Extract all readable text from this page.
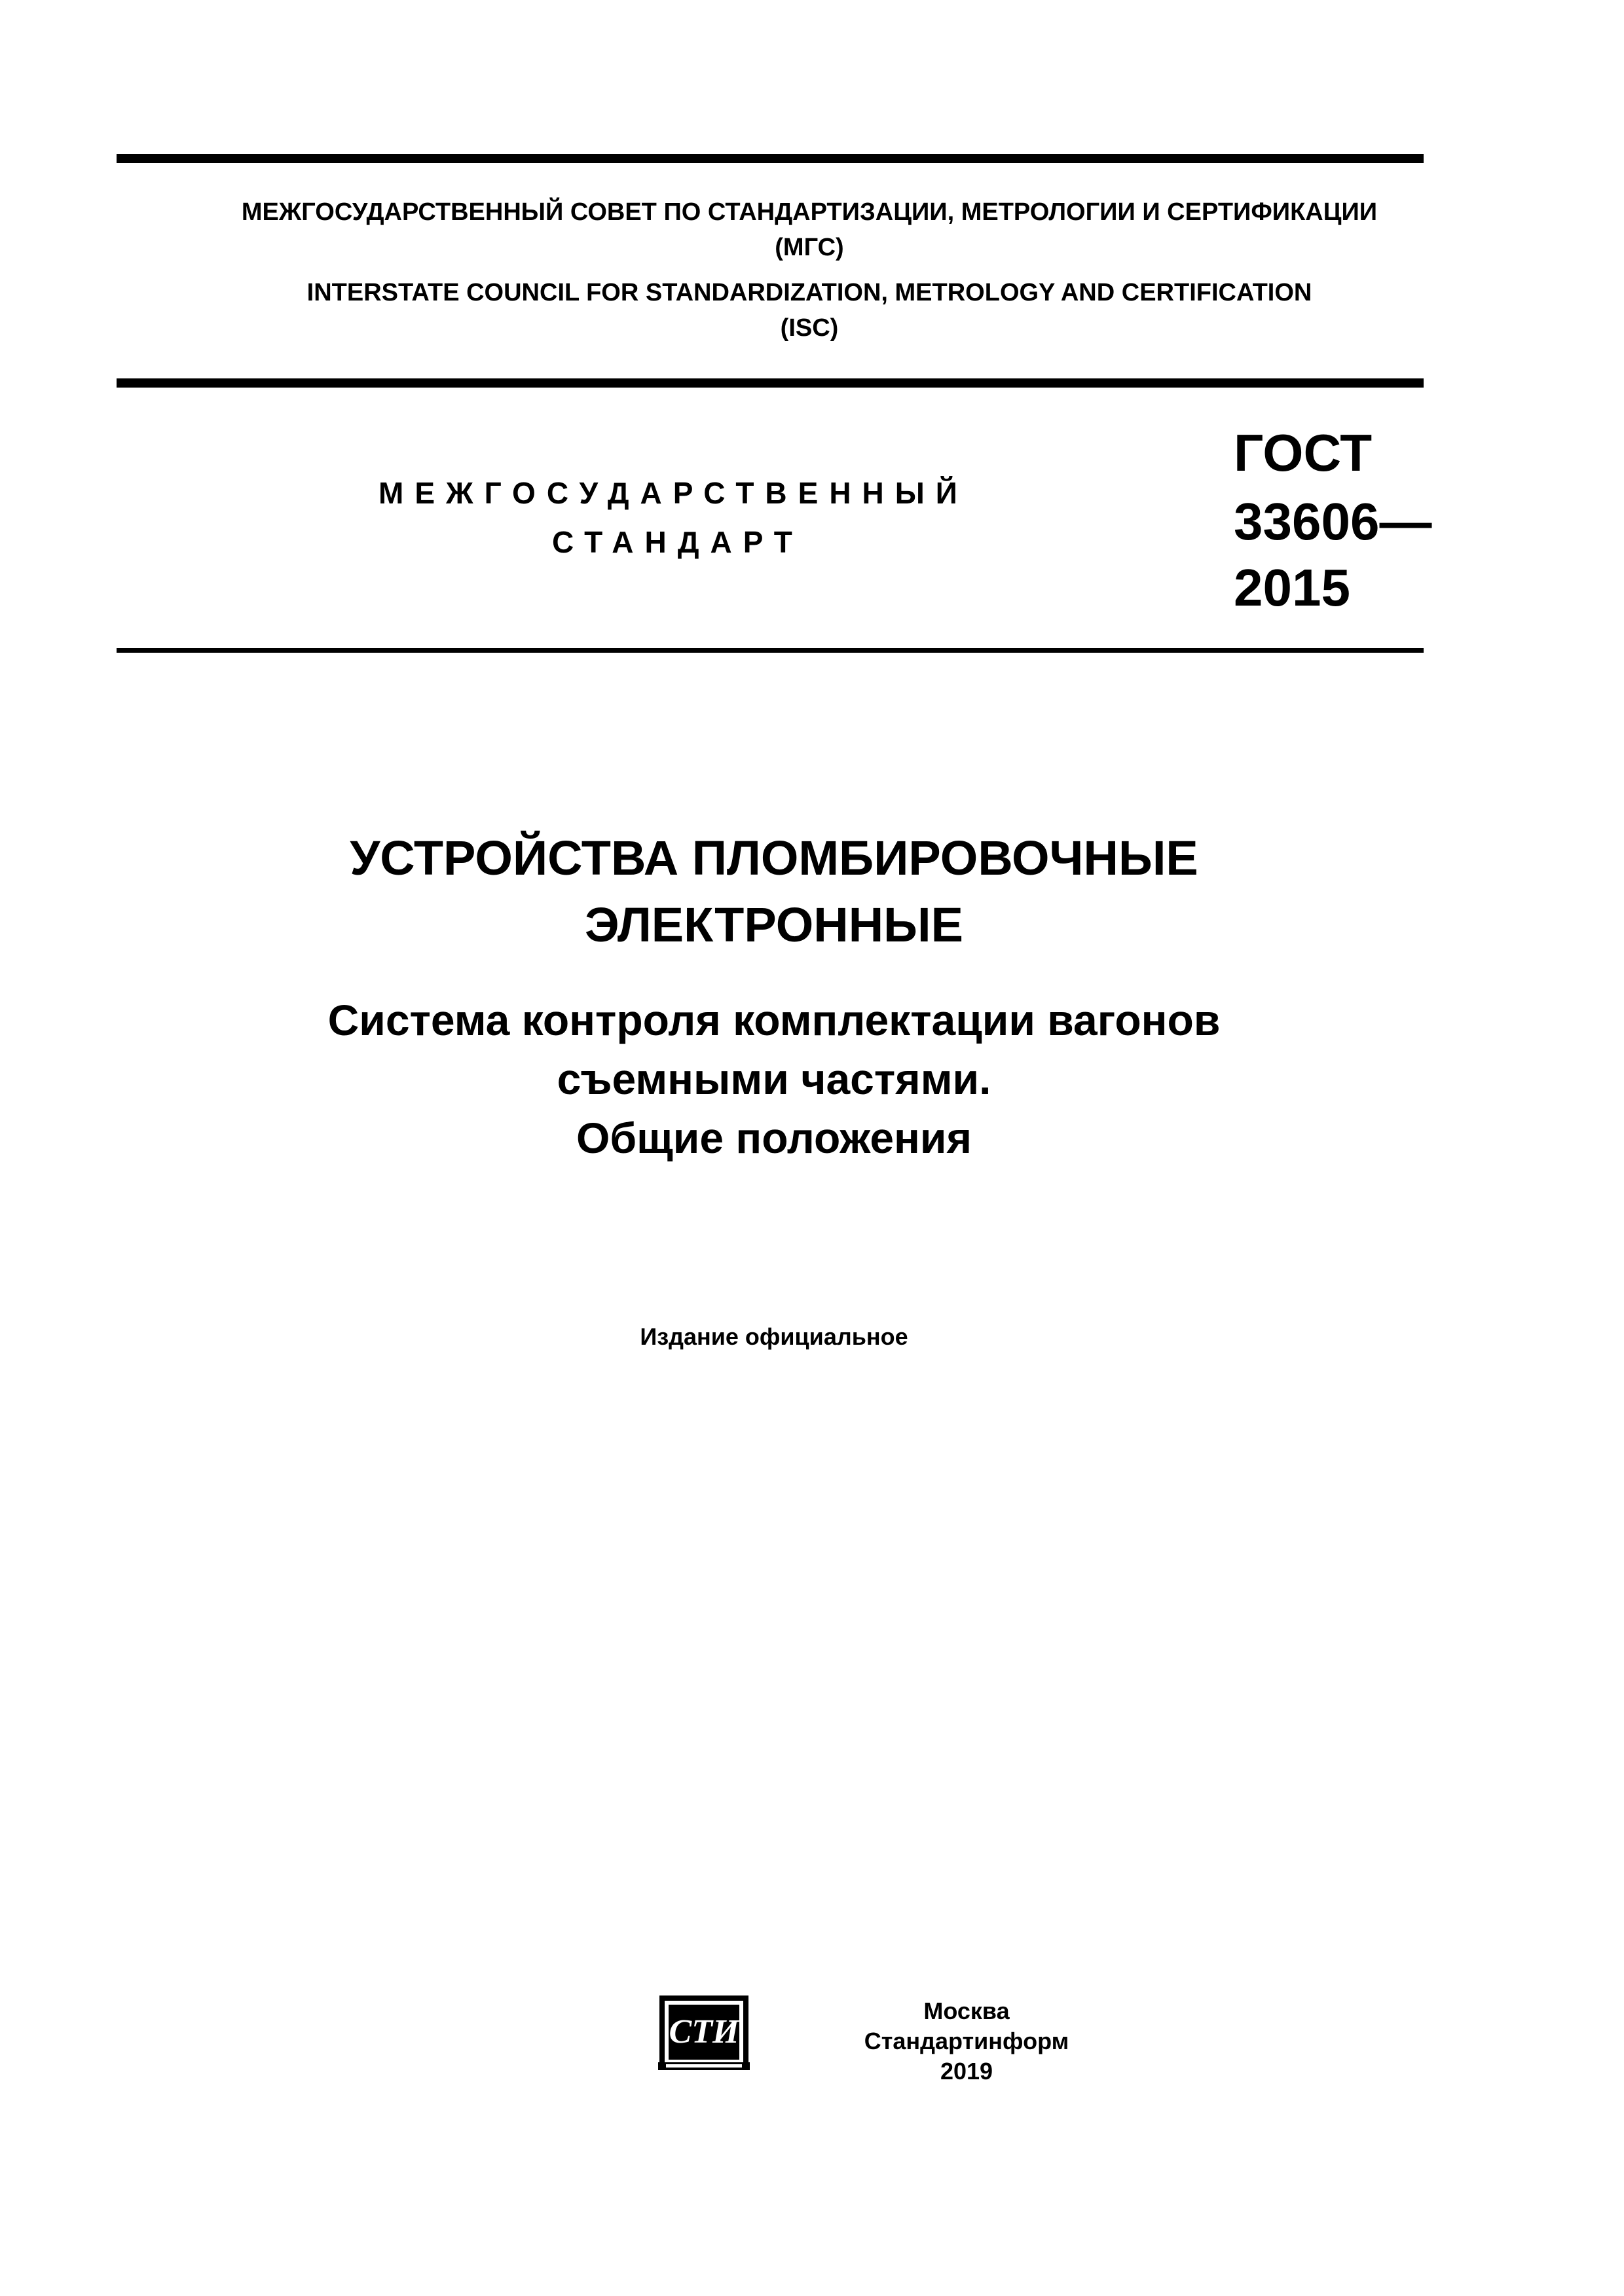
МЕЖГОСУДАРСТВЕННЫЙ СОВЕТ ПО СТАНДАРТИЗАЦИИ, МЕТРОЛОГИИ И СЕРТИФИКАЦИИ
(МГС)
INTERSTATE COUNCIL FOR STANDARDIZATION, METROLOGY AND CERTIFICATION
(ISC)
МЕЖГОСУДАРСТВЕННЫЙ
СТАНДАРТ
ГОСТ
33606—
2015
УСТРОЙСТВА ПЛОМБИРОВОЧНЫЕ
ЭЛЕКТРОННЫЕ
Система контроля комплектации вагонов
съемными частями.
Общие положения
Издание официальное
СТИ
Москва
Стандартинформ
2019
